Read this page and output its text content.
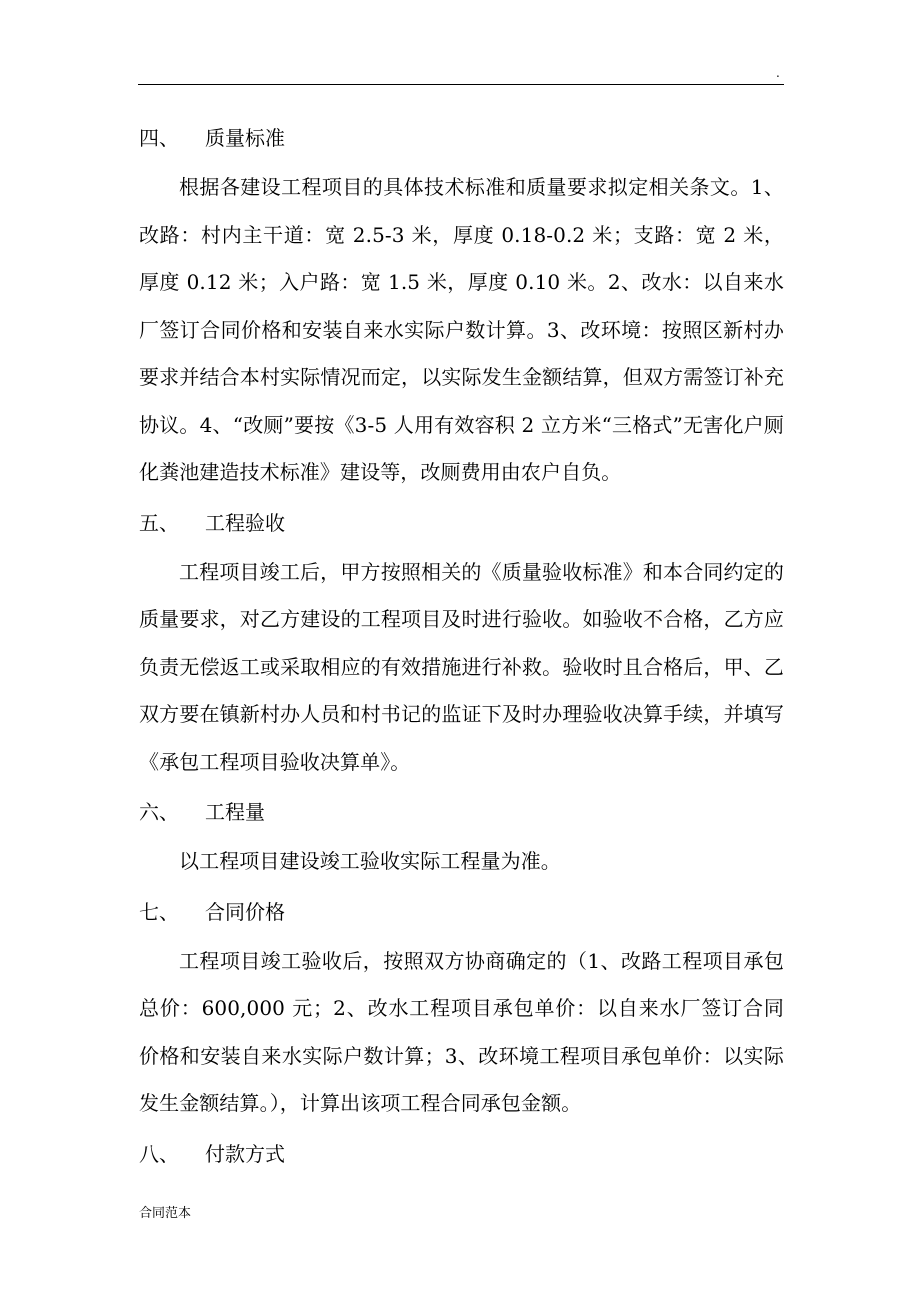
.
四、 质量标准

根据各建设工程项目的具体技术标准和质量要求拟定相关条文。1、改路：村内主干道：宽 2.5-3 米，厚度 0.18-0.2 米；支路：宽 2 米，厚度 0.12 米；入户路：宽 1.5 米，厚度 0.10 米。2、改水：以自来水厂签订合同价格和安装自来水实际户数计算。3、改环境：按照区新村办要求并结合本村实际情况而定，以实际发生金额结算，但双方需签订补充协议。4、“改厕”要按《3-5 人用有效容积 2 立方米“三格式”无害化户厕化粪池建造技术标准》建设等，改厕费用由农户自负。

五、 工程验收

工程项目竣工后，甲方按照相关的《质量验收标准》和本合同约定的质量要求，对乙方建设的工程项目及时进行验收。如验收不合格，乙方应负责无偿返工或采取相应的有效措施进行补救。验收时且合格后，甲、乙双方要在镇新村办人员和村书记的监证下及时办理验收决算手续，并填写《承包工程项目验收决算单》。

六、 工程量

以工程项目建设竣工验收实际工程量为准。

七、 合同价格

工程项目竣工验收后，按照双方协商确定的（1、改路工程项目承包总价：600,000 元；2、改水工程项目承包单价：以自来水厂签订合同价格和安装自来水实际户数计算；3、改环境工程项目承包单价：以实际发生金额结算。），计算出该项工程合同承包金额。

八、 付款方式
合同范本
